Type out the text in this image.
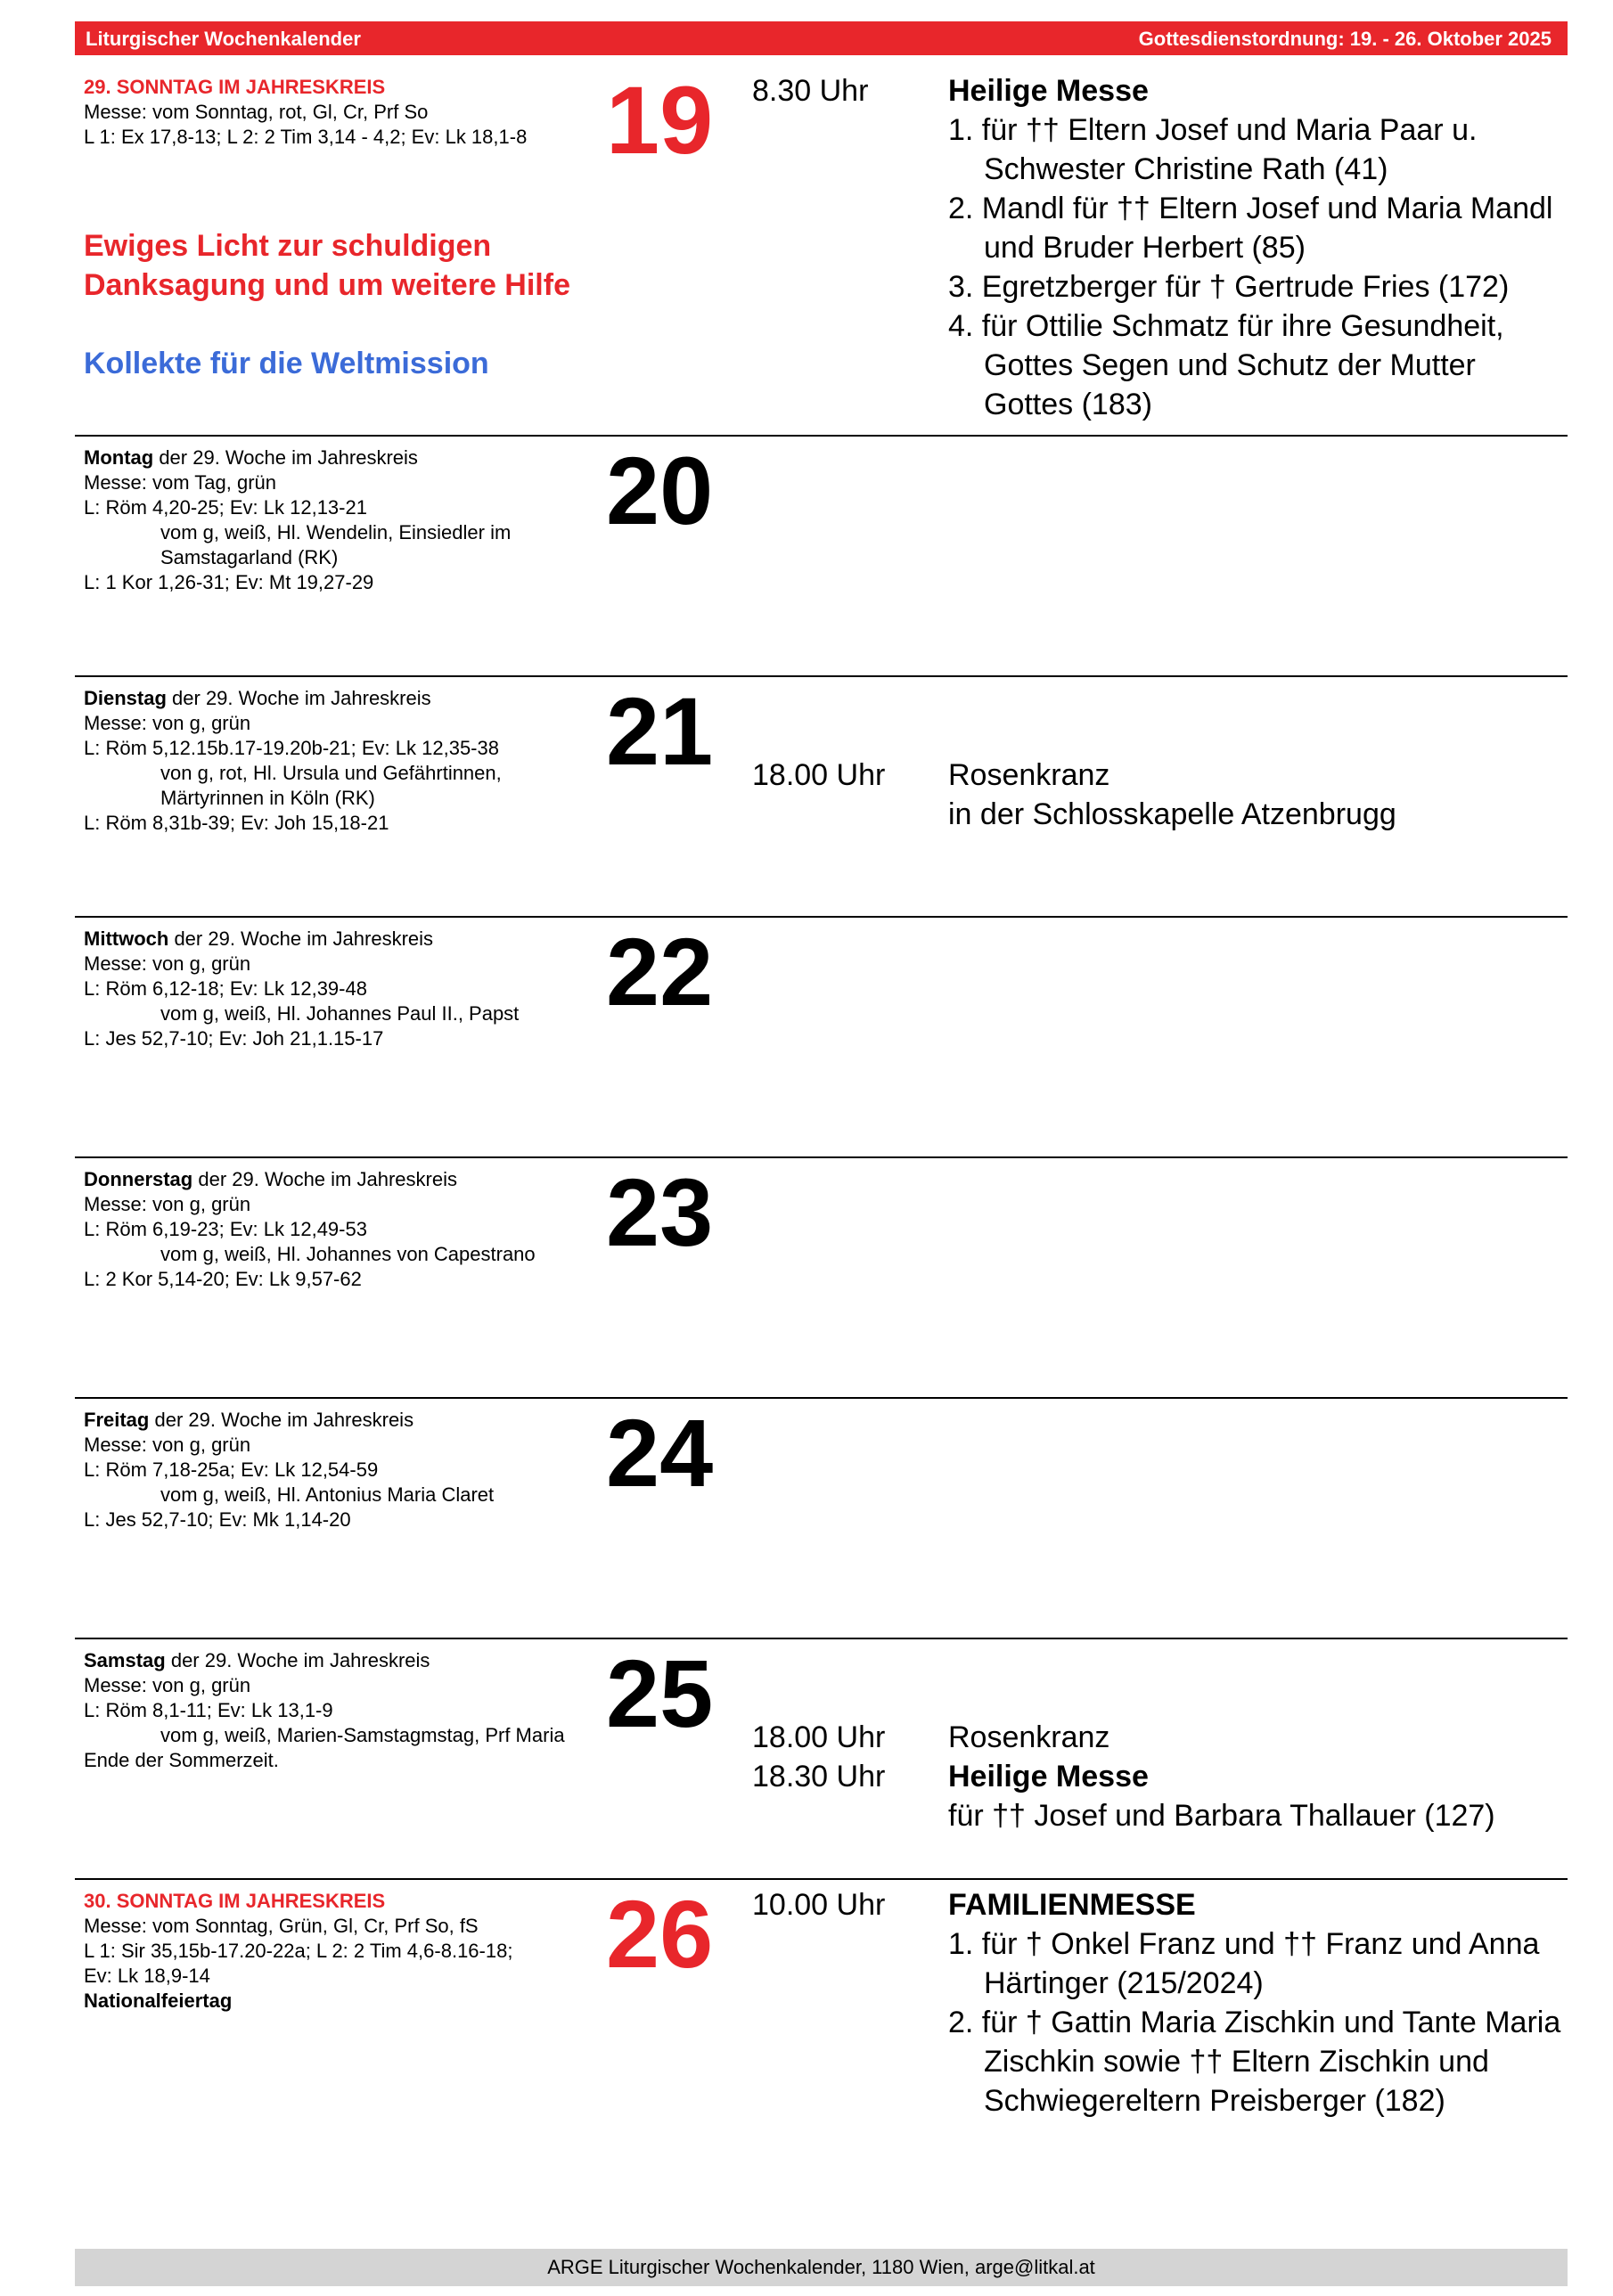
Liturgischer Wochenkalender	Gottesdienstordnung: 19. - 26. Oktober 2025
29. SONNTAG IM JAHRESKREIS
Messe: vom Sonntag, rot, Gl, Cr, Prf So
L 1: Ex 17,8-13; L 2: 2 Tim 3,14 - 4,2; Ev: Lk 18,1-8
Ewiges Licht zur schuldigen
Danksagung und um weitere Hilfe
Kollekte für die Weltmission
19 8.30 Uhr	Heilige Messe
1. für †† Eltern Josef und Maria Paar u. Schwester Christine Rath (41)
2. Mandl für †† Eltern Josef und Maria Mandl und Bruder Herbert (85)
3. Egretzberger für † Gertrude Fries (172)
4. für Ottilie Schmatz für ihre Gesundheit, Gottes Segen und Schutz der Mutter Gottes (183)
Montag der 29. Woche im Jahreskreis
Messe: vom Tag, grün
L: Röm 4,20-25; Ev: Lk 12,13-21
vom g, weiß, Hl. Wendelin, Einsiedler im Samstagarland (RK)
L: 1 Kor 1,26-31; Ev: Mt 19,27-29
20
Dienstag der 29. Woche im Jahreskreis
Messe: von g, grün
L: Röm 5,12.15b.17-19.20b-21; Ev: Lk 12,35-38
von g, rot, Hl. Ursula und Gefährtinnen, Märtyrinnen in Köln (RK)
L: Röm 8,31b-39; Ev: Joh 15,18-21
21 18.00 Uhr Rosenkranz
in der Schlosskapelle Atzenbrugg
Mittwoch der 29. Woche im Jahreskreis
Messe: von g, grün
L: Röm 6,12-18; Ev: Lk 12,39-48
vom g, weiß, Hl. Johannes Paul II., Papst
L: Jes 52,7-10; Ev: Joh 21,1.15-17
22
Donnerstag der 29. Woche im Jahreskreis
Messe: von g, grün
L: Röm 6,19-23; Ev: Lk 12,49-53
vom g, weiß, Hl. Johannes von Capestrano
L: 2 Kor 5,14-20; Ev: Lk 9,57-62
23
Freitag der 29. Woche im Jahreskreis
Messe: von g, grün
L: Röm 7,18-25a; Ev: Lk 12,54-59
vom g, weiß, Hl. Antonius Maria Claret
L: Jes 52,7-10; Ev: Mk 1,14-20
24
Samstag der 29. Woche im Jahreskreis
Messe: von g, grün
L: Röm 8,1-11; Ev: Lk 13,1-9
vom g, weiß, Marien-Samstagmstag, Prf Maria
Ende der Sommerzeit.
25 18.00 Uhr
18.30 Uhr
Rosenkranz
Heilige Messe
für †† Josef und Barbara Thallauer (127)
30. SONNTAG IM JAHRESKREIS
Messe: vom Sonntag, Grün, Gl, Cr, Prf So, fS
L 1: Sir 35,15b-17.20-22a; L 2: 2 Tim 4,6-8.16-18;
Ev: Lk 18,9-14
Nationalfeiertag
26 10.00 Uhr FAMILIENMESSE
1. für † Onkel Franz und †† Franz und Anna Härtinger (215/2024)
2. für † Gattin Maria Zischkin und Tante Maria Zischkin sowie †† Eltern Zischkin und Schwiegereltern Preisberger (182)
ARGE Liturgischer Wochenkalender, 1180 Wien, arge@litkal.at
